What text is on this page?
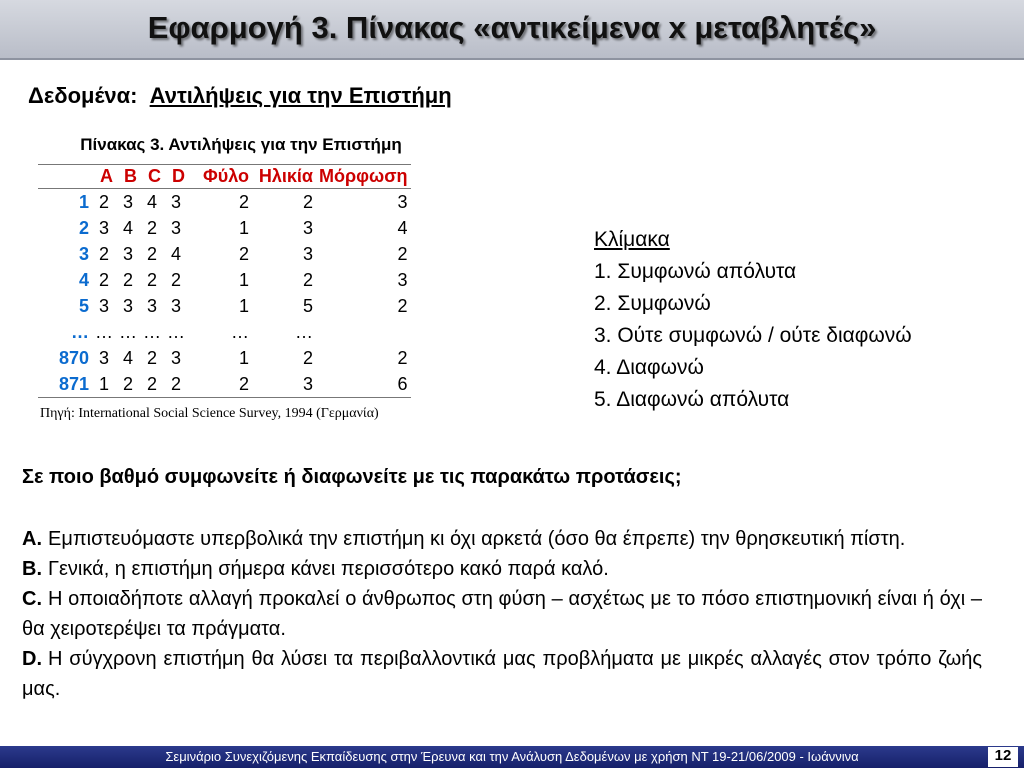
Εφαρμογή 3. Πίνακας «αντικείμενα x μεταβλητές»
Δεδομένα: Αντιλήψεις για την Επιστήμη
Πίνακας 3. Αντιλήψεις για την Επιστήμη
	A	B	C	D	Φύλο	Ηλικία	Μόρφωση
1	2	3	4	3	2	2	3
2	3	4	2	3	1	3	4
3	2	3	2	4	2	3	2
4	2	2	2	2	1	2	3
5	3	3	3	3	1	5	2
…	…	…	…	…	…	…	
870	3	4	2	3	1	2	2
871	1	2	2	2	2	3	6
Πηγή: International Social Science Survey, 1994 (Γερμανία)
Κλίμακα
1. Συμφωνώ απόλυτα
2. Συμφωνώ
3. Ούτε συμφωνώ / ούτε διαφωνώ
4. Διαφωνώ
5. Διαφωνώ απόλυτα
Σε ποιο βαθμό συμφωνείτε ή διαφωνείτε με τις παρακάτω προτάσεις;

A. Εμπιστευόμαστε υπερβολικά την επιστήμη κι όχι αρκετά (όσο θα έπρεπε) την θρησκευτική πίστη.

B. Γενικά, η επιστήμη σήμερα κάνει περισσότερο κακό παρά καλό.

C. Η οποιαδήποτε αλλαγή προκαλεί ο άνθρωπος στη φύση – ασχέτως με το πόσο επιστημονική είναι ή όχι – θα χειροτερέψει τα πράγματα.

D. Η σύγχρονη επιστήμη θα λύσει τα περιβαλλοντικά μας προβλήματα με μικρές αλλαγές στον τρόπο ζωής μας.

Σεμινάριο Συνεχιζόμενης Εκπαίδευσης στην Έρευνα και την Ανάλυση Δεδομένων με χρήση ΝΤ 19-21/06/2009 - Ιωάννινα	12
